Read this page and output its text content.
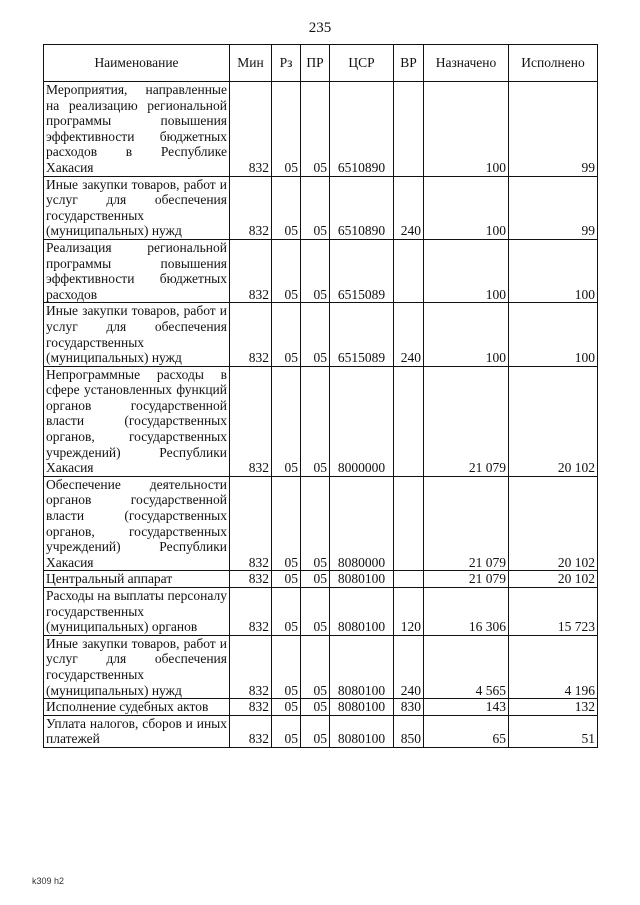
235
Наименование	Мин	Рз	ПР	ЦСР	ВР	Назначено	Исполнено
Мероприятия, направленные на реализацию региональной программы повышения эффективности бюджетных расходов в Республике Хакасия	832	05	05	6510890		100	99
Иные закупки товаров, работ и услуг для обеспечения государственных (муниципальных) нужд	832	05	05	6510890	240	100	99
Реализация региональной программы повышения эффективности бюджетных расходов	832	05	05	6515089		100	100
Иные закупки товаров, работ и услуг для обеспечения государственных (муниципальных) нужд	832	05	05	6515089	240	100	100
Непрограммные расходы в сфере установленных функций органов государственной власти (государственных органов, государственных учреждений) Республики Хакасия	832	05	05	8000000		21 079	20 102
Обеспечение деятельности органов государственной власти (государственных органов, государственных учреждений) Республики Хакасия	832	05	05	8080000		21 079	20 102
Центральный аппарат	832	05	05	8080100		21 079	20 102
Расходы на выплаты персоналу государственных (муниципальных) органов	832	05	05	8080100	120	16 306	15 723
Иные закупки товаров, работ и услуг для обеспечения государственных (муниципальных) нужд	832	05	05	8080100	240	4 565	4 196
Исполнение судебных актов	832	05	05	8080100	830	143	132
Уплата налогов, сборов и иных платежей	832	05	05	8080100	850	65	51
k309 h2
